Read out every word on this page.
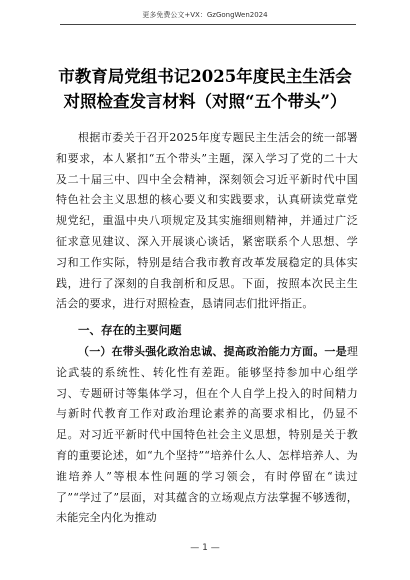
更多免费公文+VX：GzGongWen2024
市教育局党组书记2025年度民主生活会
对照检查发言材料（对照“五个带头”）
根据市委关于召开2025年度专题民主生活会的统一部署和要求，本人紧扣“五个带头”主题，深入学习了党的二十大及二十届三中、四中全会精神，深刻领会习近平新时代中国特色社会主义思想的核心要义和实践要求，认真研读党章党规党纪，重温中央八项规定及其实施细则精神，并通过广泛征求意见建议、深入开展谈心谈话，紧密联系个人思想、学习和工作实际，特别是结合我市教育改革发展稳定的具体实践，进行了深刻的自我剖析和反思。下面，按照本次民主生活会的要求，进行对照检查，恳请同志们批评指正。
一、存在的主要问题
（一）在带头强化政治忠诚、提高政治能力方面。一是理论武装的系统性、转化性有差距。能够坚持参加中心组学习、专题研讨等集体学习，但在个人自学上投入的时间精力与新时代教育工作对政治理论素养的高要求相比，仍显不足。对习近平新时代中国特色社会主义思想，特别是关于教育的重要论述，如“九个坚持”“培养什么人、怎样培养人、为谁培养人”等根本性问题的学习领会，有时停留在“读过了”“学过了”层面，对其蕴含的立场观点方法掌握不够透彻，未能完全内化为推动
— 1 —
